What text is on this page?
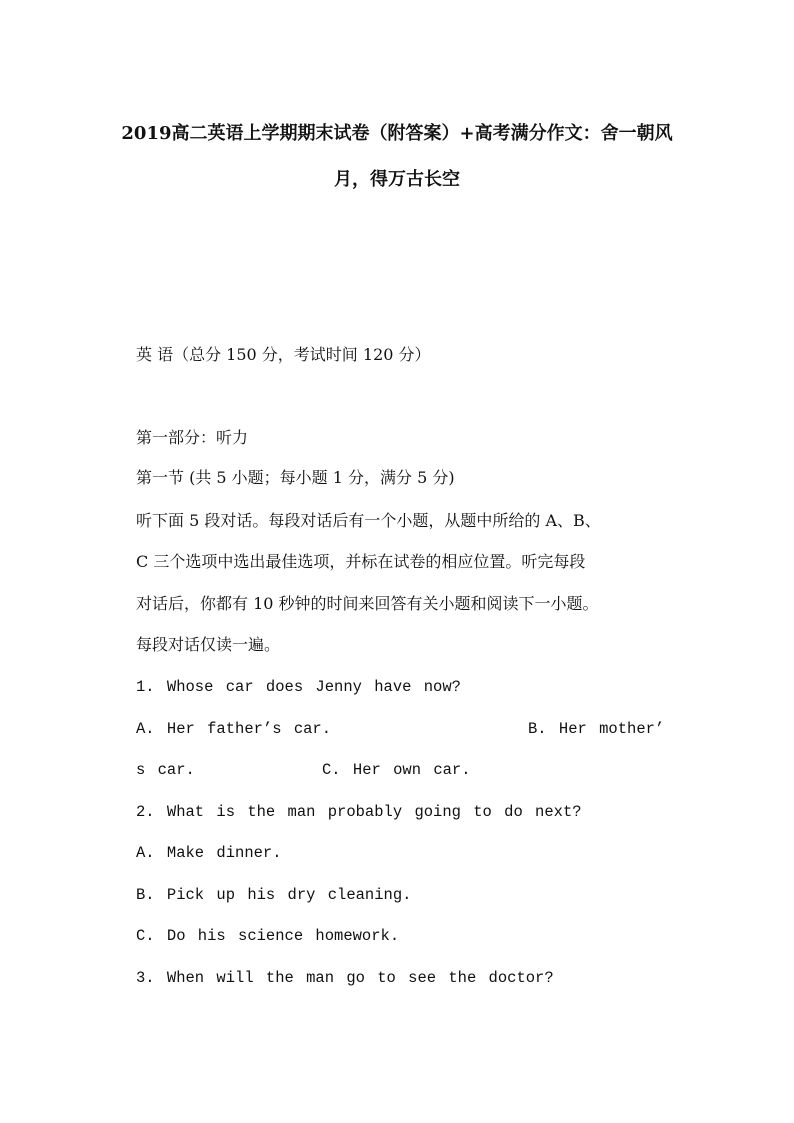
2019高二英语上学期期末试卷（附答案）+高考满分作文：舍一朝风
月，得万古长空
英 语（总分 150 分，考试时间 120 分）
第一部分：听力
第一节 (共 5 小题；每小题 1 分，满分 5 分)
听下面 5 段对话。每段对话后有一个小题，从题中所给的 A、B、
C 三个选项中选出最佳选项，并标在试卷的相应位置。听完每段
对话后，你都有 10 秒钟的时间来回答有关小题和阅读下一小题。
每段对话仅读一遍。
1. Whose car does Jenny have now?
A. Her father’s car.	B. Her mother’
s car.	C. Her own car.
2. What is the man probably going to do next?
A. Make dinner.
B. Pick up his dry cleaning.
C. Do his science homework.
3. When will the man go to see the doctor?
